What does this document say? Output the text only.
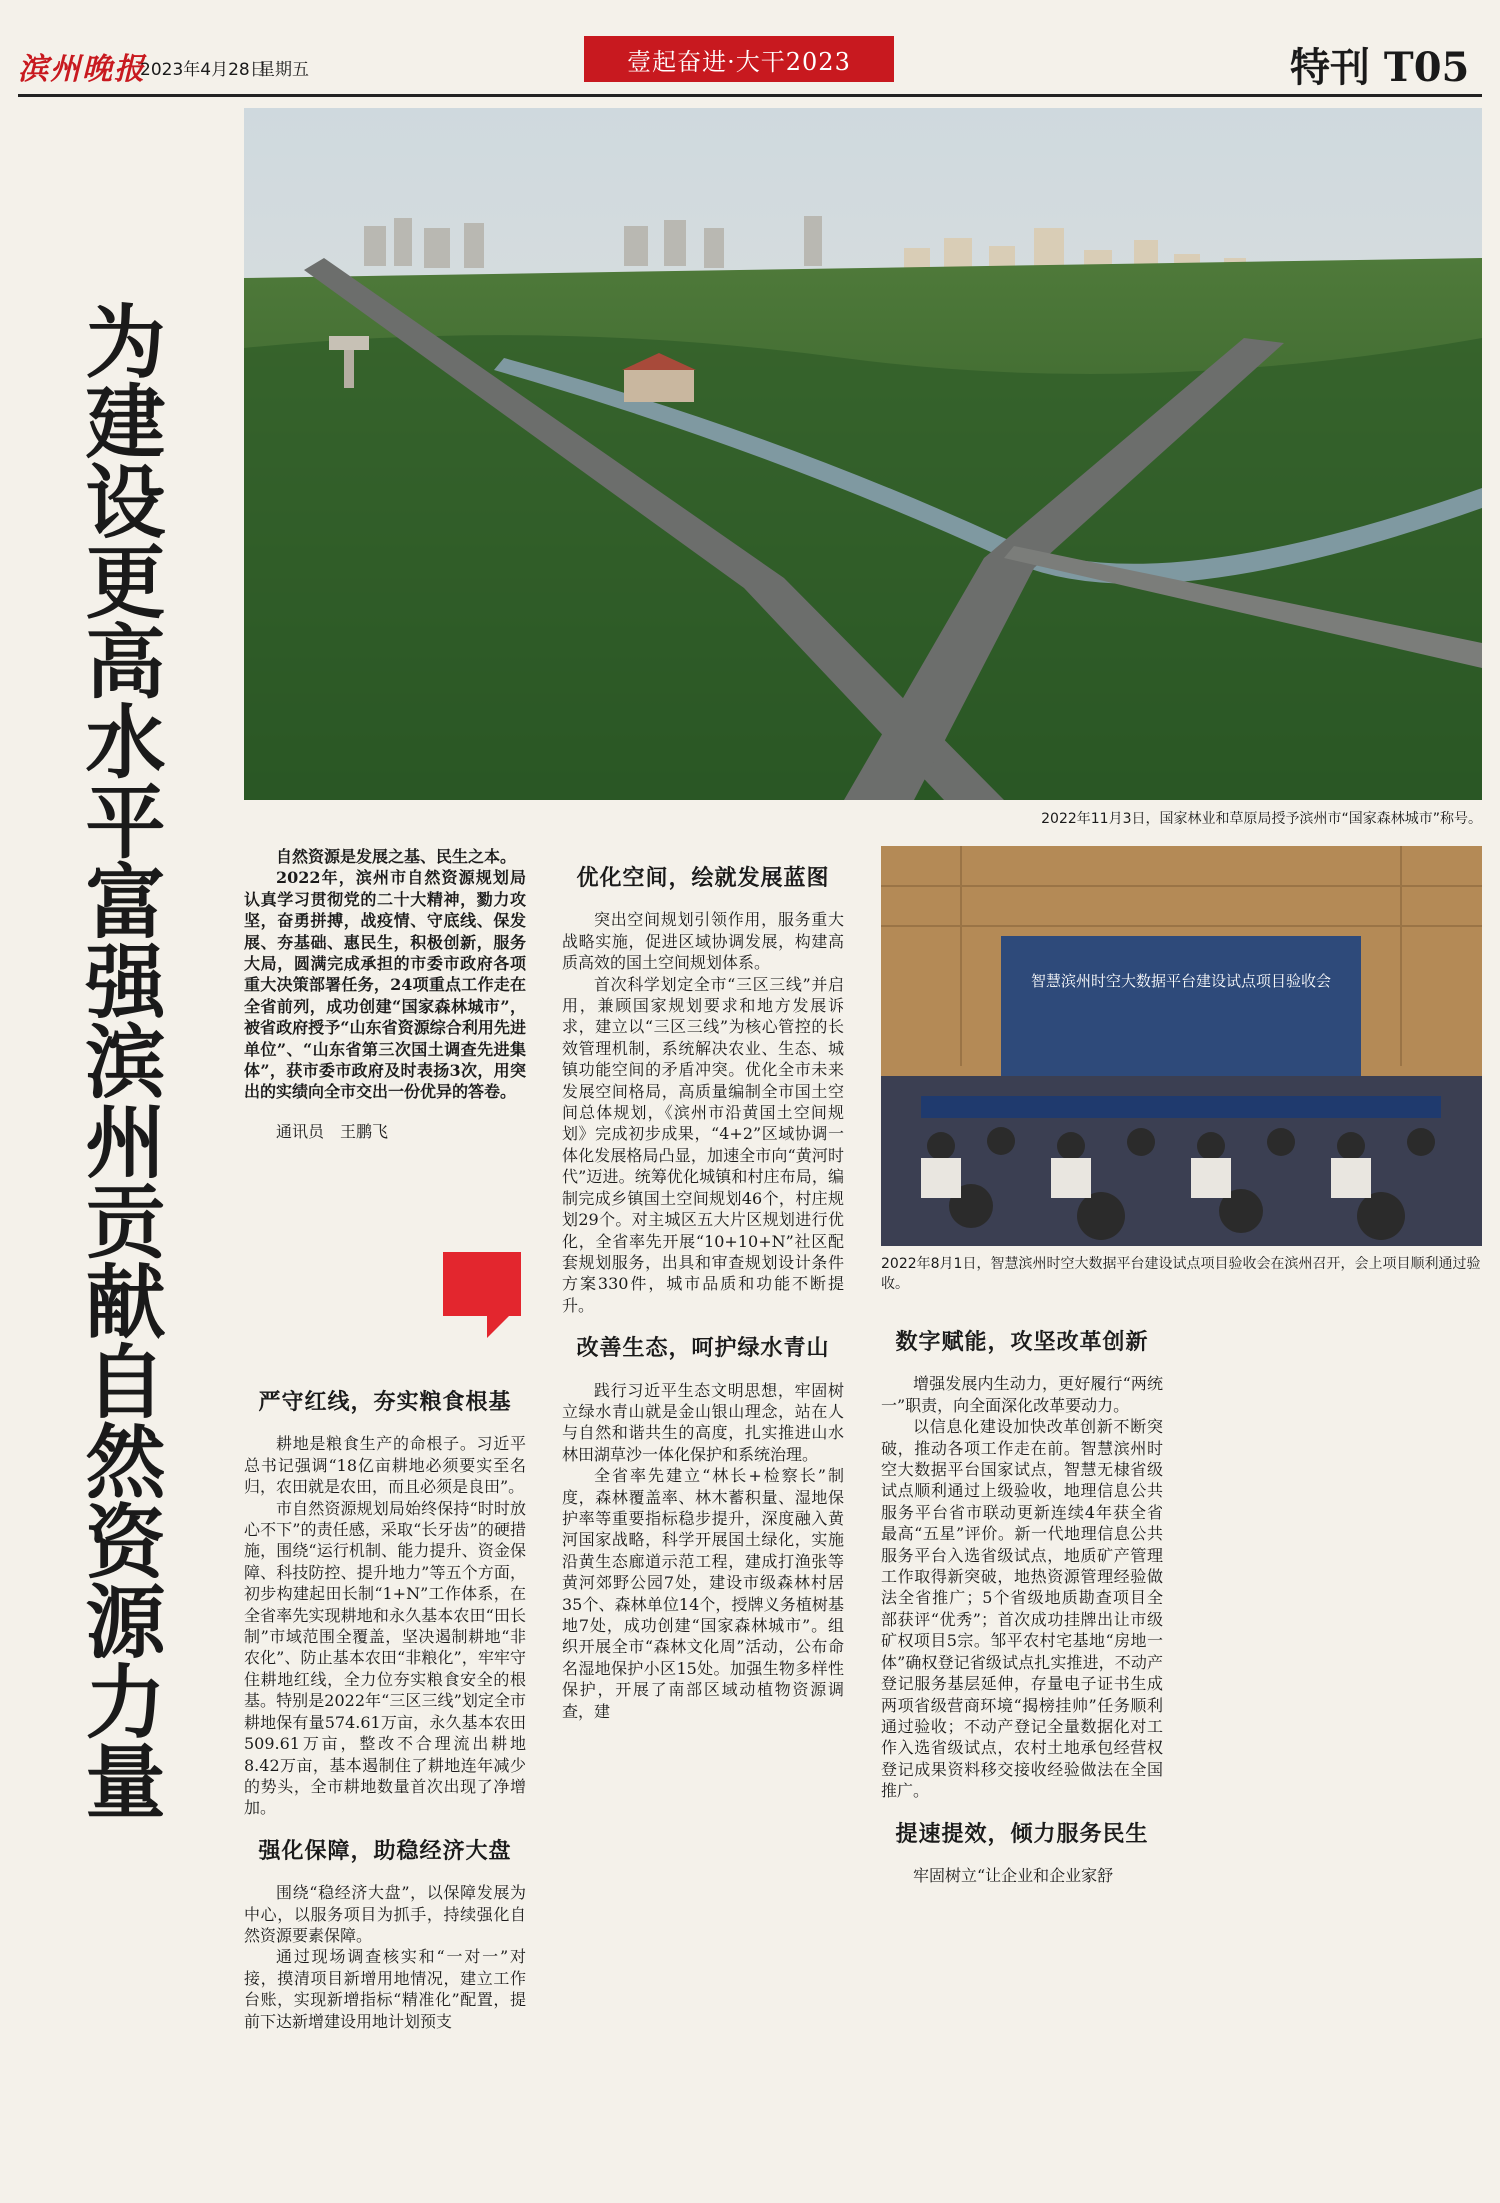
滨州晚报
2023年4月28日
星期五	壹起奋进·大干2023	特刊 T05
为建设更高水平富强滨州贡献自然资源力量	2022年11月3日，国家林业和草原局授予滨州市“国家森林城市”称号。
智慧滨州时空大数据平台建设试点项目验收会
2022年8月1日，智慧滨州时空大数据平台建设试点项目验收会在滨州召开，会上项目顺利通过验收。

自然资源是发展之基、民生之本。

2022年，滨州市自然资源规划局认真学习贯彻党的二十大精神，勠力攻坚，奋勇拼搏，战疫情、守底线、保发展、夯基础、惠民生，积极创新，服务大局，圆满完成承担的市委市政府各项重大决策部署任务，24项重点工作走在全省前列，成功创建“国家森林城市”，被省政府授予“山东省资源综合利用先进单位”、“山东省第三次国土调查先进集体”，获市委市政府及时表扬3次，用突出的实绩向全市交出一份优异的答卷。

通讯员　王鹏飞
严守红线，夯实粮食根基

耕地是粮食生产的命根子。习近平总书记强调“18亿亩耕地必须要实至名归，农田就是农田，而且必须是良田”。

市自然资源规划局始终保持“时时放心不下”的责任感，采取“长牙齿”的硬措施，围绕“运行机制、能力提升、资金保障、科技防控、提升地力”等五个方面，初步构建起田长制“1+N”工作体系，在全省率先实现耕地和永久基本农田“田长制”市域范围全覆盖，坚决遏制耕地“非农化”、防止基本农田“非粮化”，牢牢守住耕地红线，全力位夯实粮食安全的根基。特别是2022年“三区三线”划定全市耕地保有量574.61万亩，永久基本农田509.61万亩，整改不合理流出耕地8.42万亩，基本遏制住了耕地连年减少的势头，全市耕地数量首次出现了净增加。

强化保障，助稳经济大盘

围绕“稳经济大盘”，以保障发展为中心，以服务项目为抓手，持续强化自然资源要素保障。

通过现场调查核实和“一对一”对接，摸清项目新增用地情况，建立工作台账，实现新增指标“精准化”配置，提前下达新增建设用地计划预支

优化空间，绘就发展蓝图

突出空间规划引领作用，服务重大战略实施，促进区域协调发展，构建高质高效的国土空间规划体系。

首次科学划定全市“三区三线”并启用，兼顾国家规划要求和地方发展诉求，建立以“三区三线”为核心管控的长效管理机制，系统解决农业、生态、城镇功能空间的矛盾冲突。优化全市未来发展空间格局，高质量编制全市国土空间总体规划，《滨州市沿黄国土空间规划》完成初步成果，“4+2”区域协调一体化发展格局凸显，加速全市向“黄河时代”迈进。统筹优化城镇和村庄布局，编制完成乡镇国土空间规划46个，村庄规划29个。对主城区五大片区规划进行优化，全省率先开展“10+10+N”社区配套规划服务，出具和审查规划设计条件方案330件，城市品质和功能不断提升。

改善生态，呵护绿水青山

践行习近平生态文明思想，牢固树立绿水青山就是金山银山理念，站在人与自然和谐共生的高度，扎实推进山水林田湖草沙一体化保护和系统治理。

全省率先建立“林长+检察长”制度，森林覆盖率、林木蓄积量、湿地保护率等重要指标稳步提升，深度融入黄河国家战略，科学开展国土绿化，实施沿黄生态廊道示范工程，建成打渔张等黄河郊野公园7处，建设市级森林村居35个、森林单位14个，授牌义务植树基地7处，成功创建“国家森林城市”。组织开展全市“森林文化周”活动，公布命名湿地保护小区15处。加强生物多样性保护，开展了南部区域动植物资源调查，建

数字赋能，攻坚改革创新

增强发展内生动力，更好履行“两统一”职责，向全面深化改革要动力。

以信息化建设加快改革创新不断突破，推动各项工作走在前。智慧滨州时空大数据平台国家试点，智慧无棣省级试点顺利通过上级验收，地理信息公共服务平台省市联动更新连续4年获全省最高“五星”评价。新一代地理信息公共服务平台入选省级试点，地质矿产管理工作取得新突破，地热资源管理经验做法全省推广；5个省级地质勘查项目全部获评“优秀”；首次成功挂牌出让市级矿权项目5宗。邹平农村宅基地“房地一体”确权登记省级试点扎实推进，不动产登记服务基层延伸，存量电子证书生成两项省级营商环境“揭榜挂帅”任务顺利通过验收；不动产登记全量数据化对工作入选省级试点，农村土地承包经营权登记成果资料移交接收经验做法在全国推广。

提速提效，倾力服务民生

牢固树立“让企业和企业家舒
